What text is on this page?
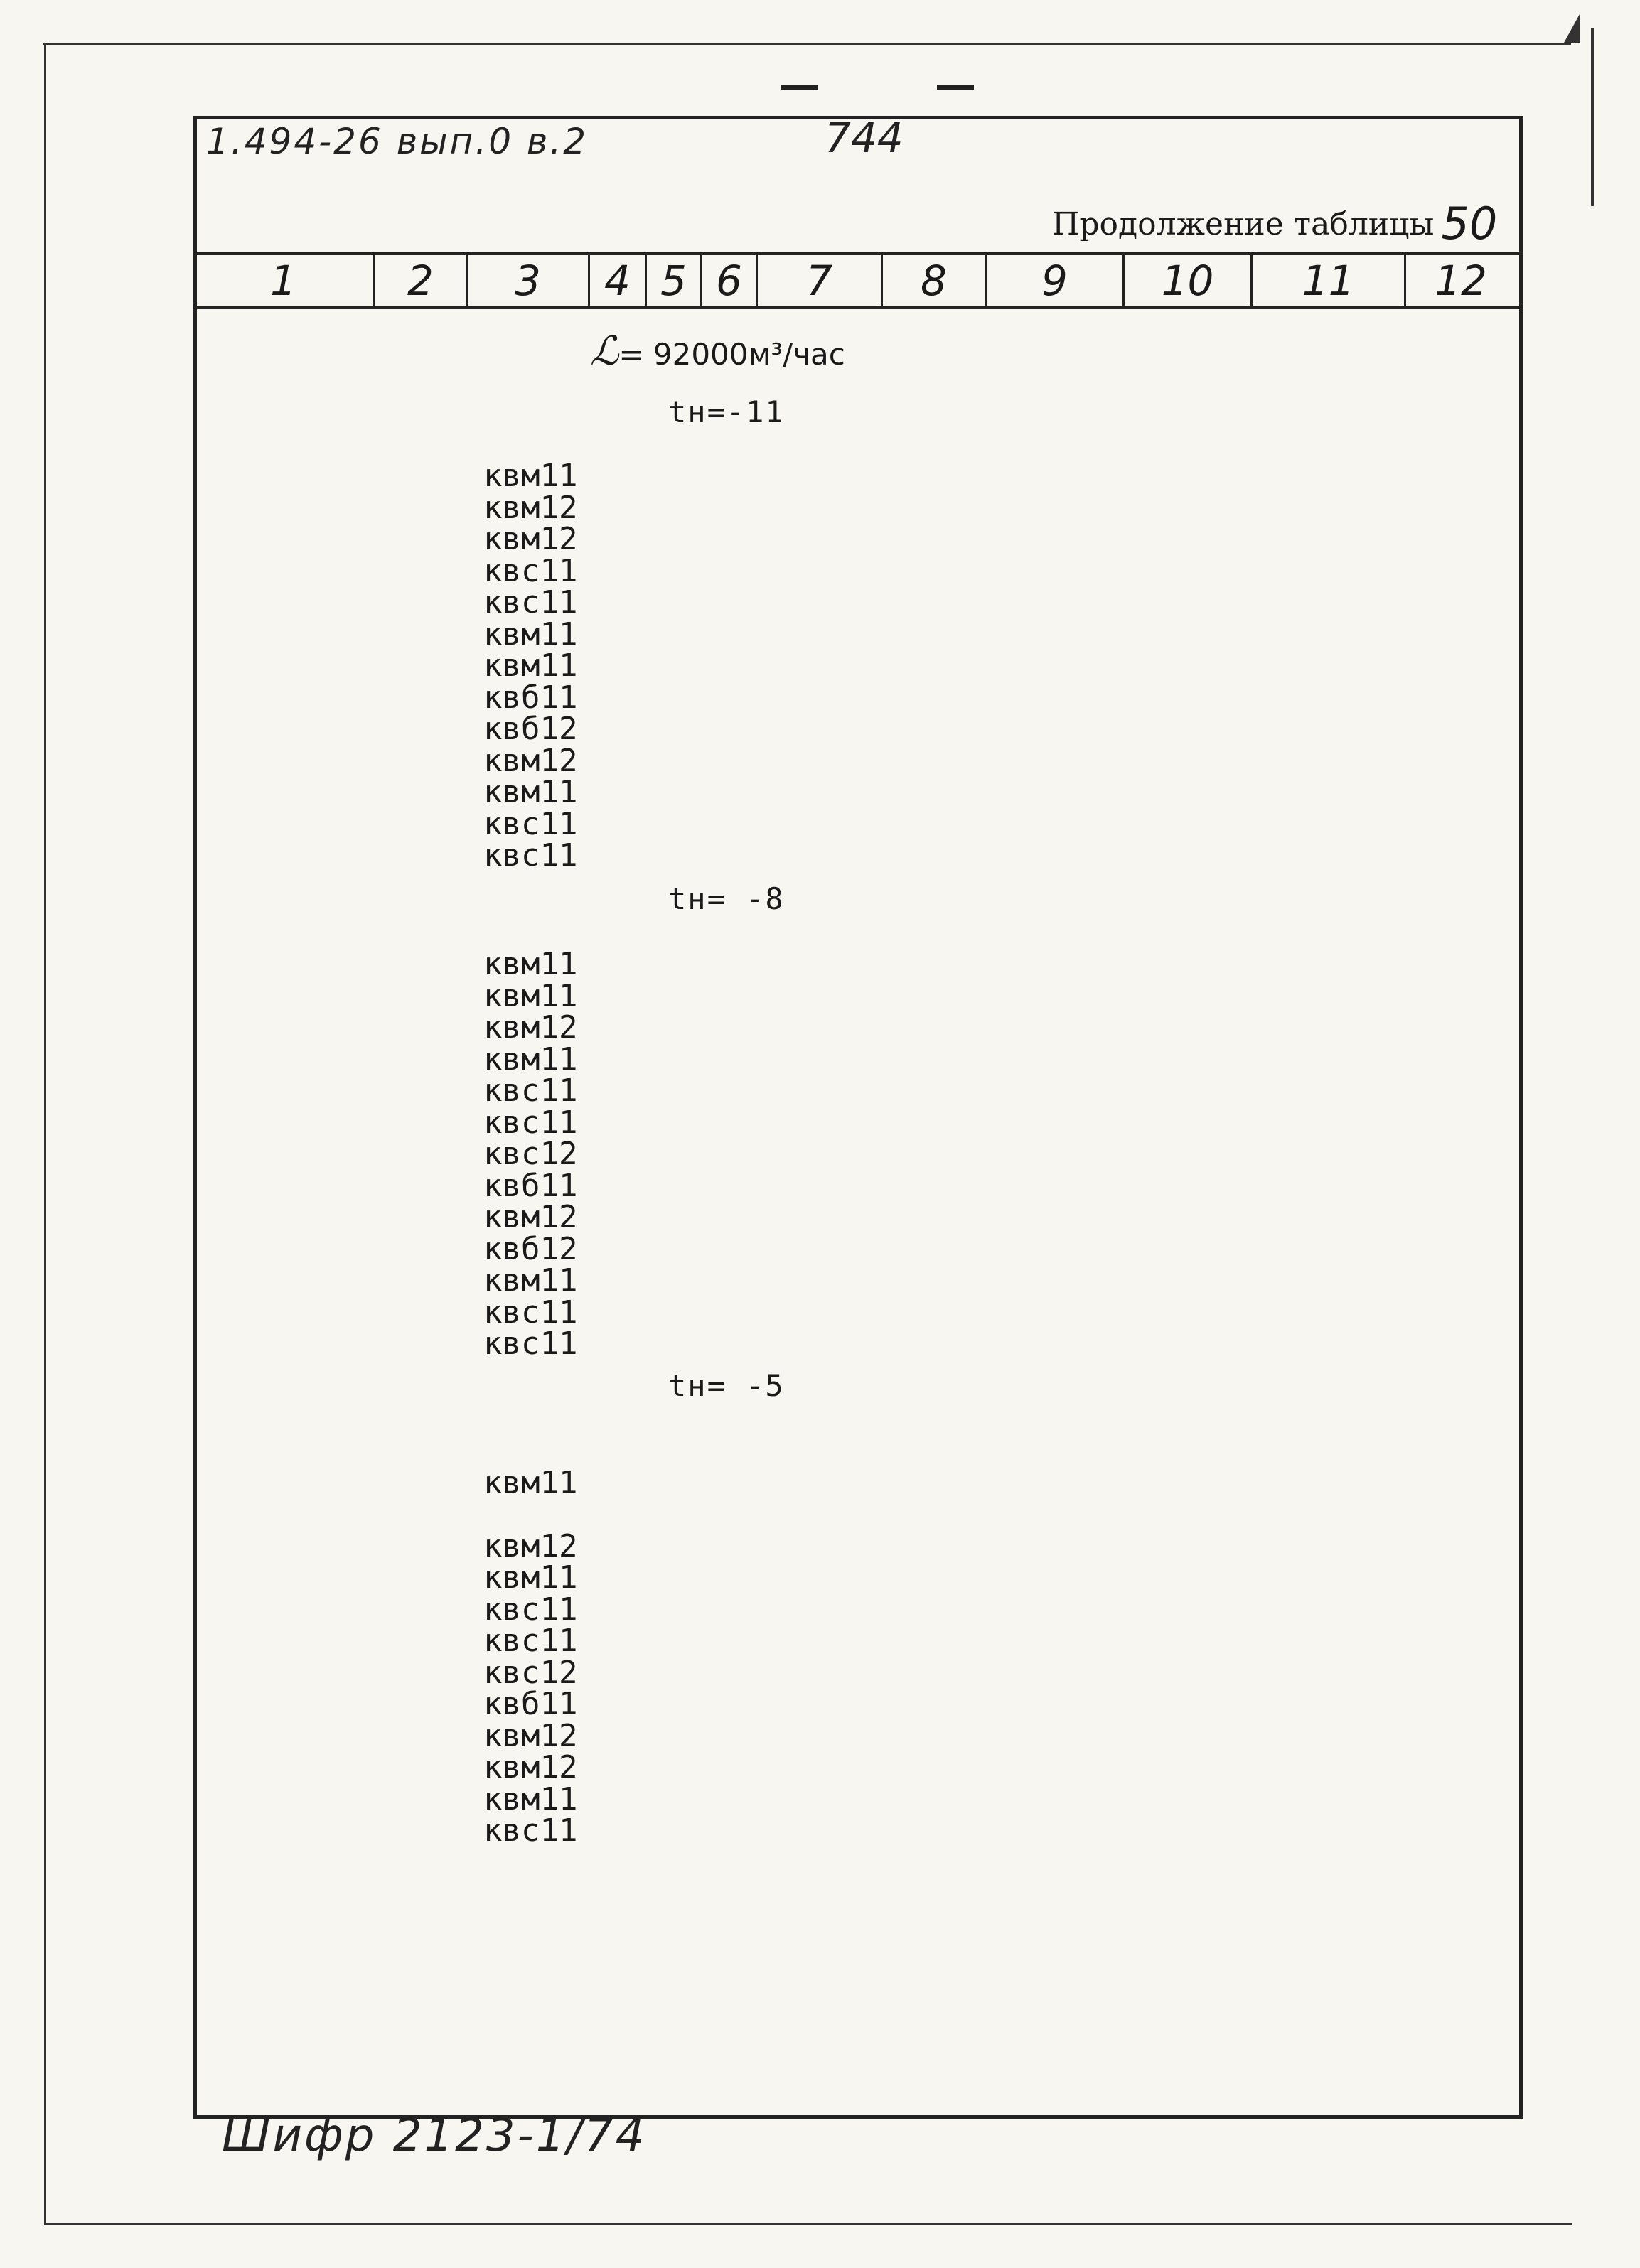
1.494-26 вып.0 в.2	744
Продолжение таблицы 50
1	2	3	4 5 6	7	8	9	10	11	12
ℒ= 92000м³/час
tн=-11
tн= -8
tн= -5
квм11
квм12
квм12
квс11
квс11
квм11
квм11
квб11
квб12
квм12
квм11
квс11
квс11
квм11
квм11
квм12
квм11
квс11
квс11
квс12
квб11
квм12
квб12
квм11
квс11
квс11
квм11
квм12
квм11
квс11
квс11
квс12
квб11
квм12
квм12
квм11
квс11
Шифр 2123-1/74
